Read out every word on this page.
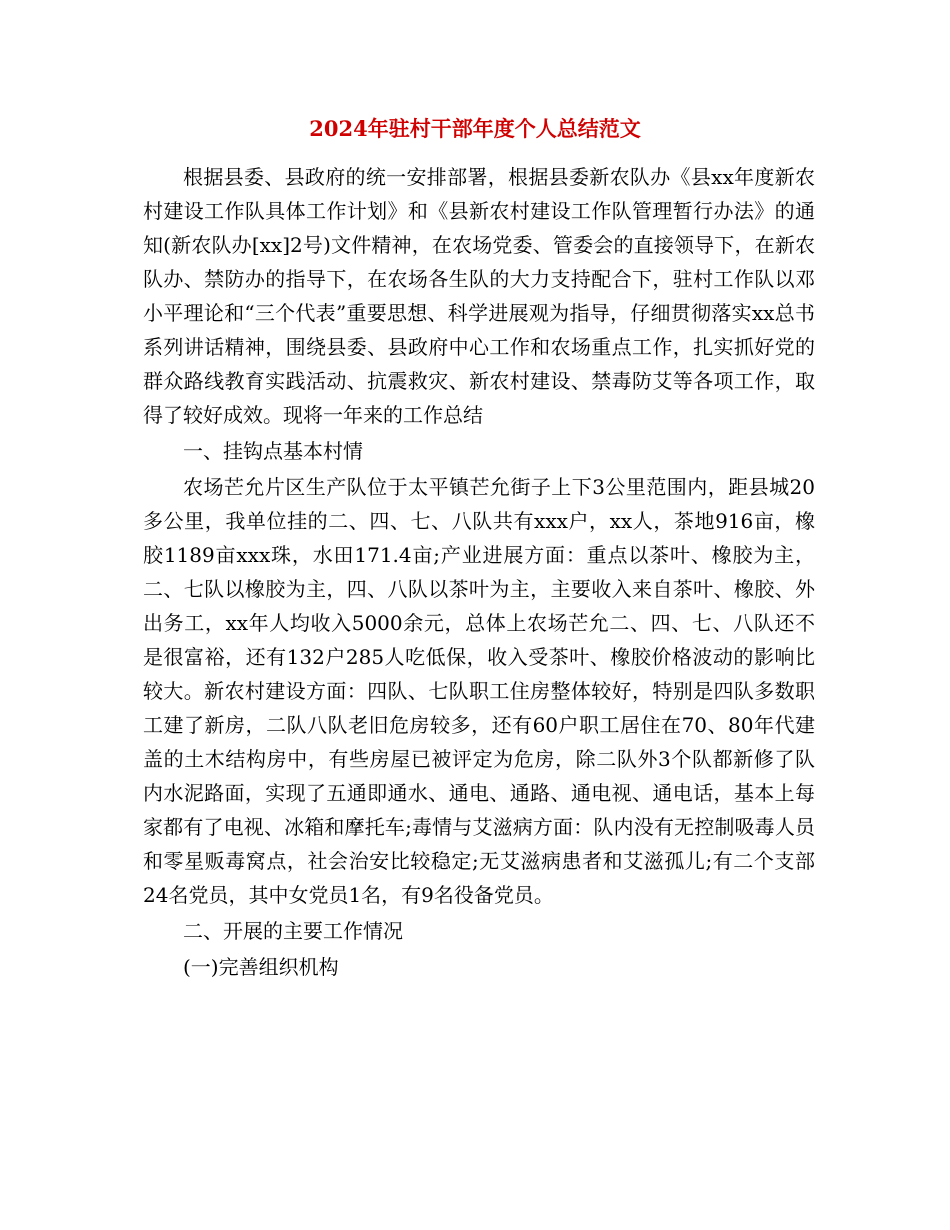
2024年驻村干部年度个人总结范文

根据县委、县政府的统一安排部署，根据县委新农队办《县xx年度新农村建设工作队具体工作计划》和《县新农村建设工作队管理暂行办法》的通知(新农队办[xx]2号)文件精神，在农场党委、管委会的直接领导下，在新农队办、禁防办的指导下，在农场各生队的大力支持配合下，驻村工作队以邓小平理论和“三个代表”重要思想、科学进展观为指导，仔细贯彻落实xx总书系列讲话精神，围绕县委、县政府中心工作和农场重点工作，扎实抓好党的群众路线教育实践活动、抗震救灾、新农村建设、禁毒防艾等各项工作，取得了较好成效。现将一年来的工作总结

一、挂钩点基本村情

农场芒允片区生产队位于太平镇芒允街子上下3公里范围内，距县城20多公里，我单位挂的二、四、七、八队共有xxx户，xx人，茶地916亩，橡胶1189亩xxx珠，水田171.4亩;产业进展方面：重点以茶叶、橡胶为主，二、七队以橡胶为主，四、八队以茶叶为主，主要收入来自茶叶、橡胶、外出务工，xx年人均收入5000余元，总体上农场芒允二、四、七、八队还不是很富裕，还有132户285人吃低保，收入受茶叶、橡胶价格波动的影响比较大。新农村建设方面：四队、七队职工住房整体较好，特别是四队多数职工建了新房，二队八队老旧危房较多，还有60户职工居住在70、80年代建盖的土木结构房中，有些房屋已被评定为危房，除二队外3个队都新修了队内水泥路面，实现了五通即通水、通电、通路、通电视、通电话，基本上每家都有了电视、冰箱和摩托车;毒情与艾滋病方面：队内没有无控制吸毒人员和零星贩毒窝点，社会治安比较稳定;无艾滋病患者和艾滋孤儿;有二个支部24名党员，其中女党员1名，有9名役备党员。

二、开展的主要工作情况

(一)完善组织机构
